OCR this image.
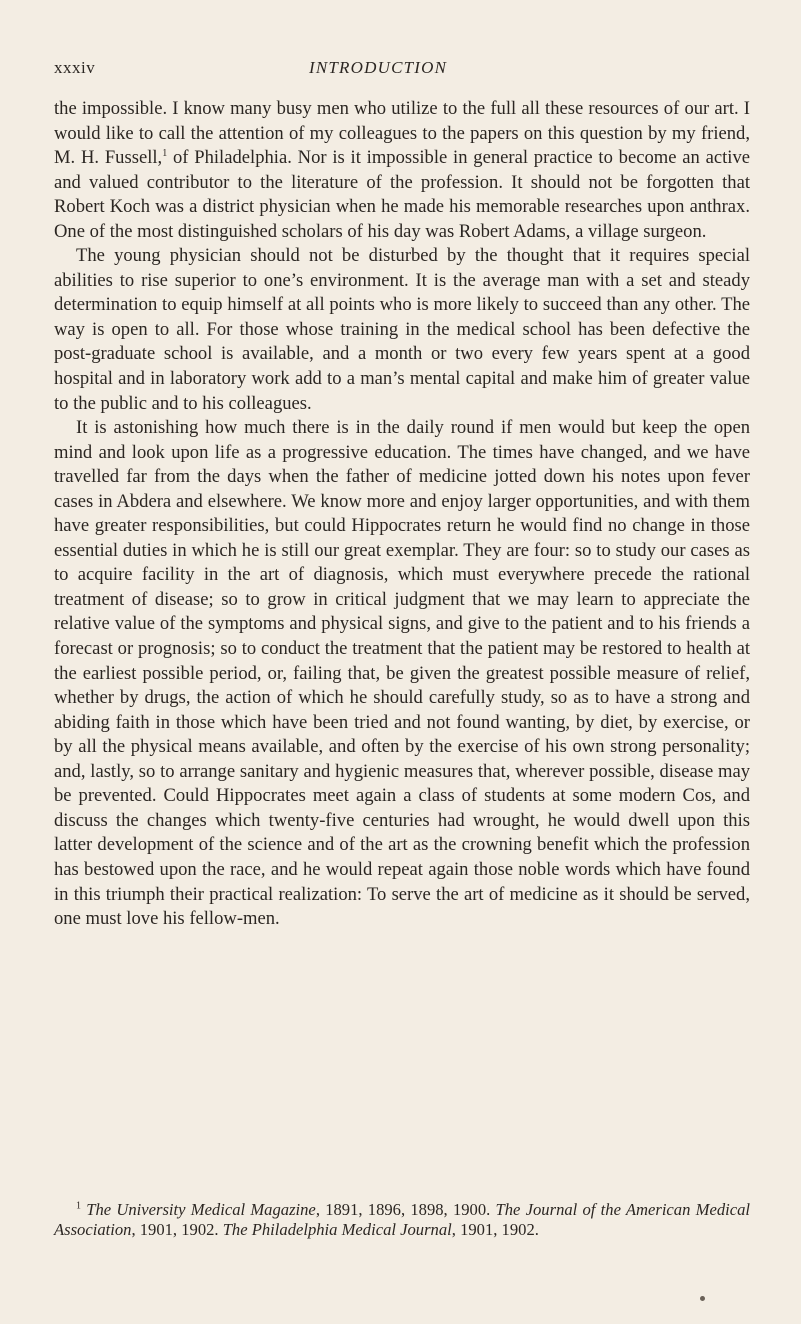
xxxiv	INTRODUCTION

the impossible. I know many busy men who utilize to the full all these resources of our art. I would like to call the attention of my colleagues to the papers on this question by my friend, M. H. Fussell,$^1$ of Philadelphia. Nor is it impossible in general practice to become an active and valued contributor to the literature of the profession. It should not be forgotten that Robert Koch was a district physician when he made his memorable researches upon anthrax. One of the most distinguished scholars of his day was Robert Adams, a village surgeon.

The young physician should not be disturbed by the thought that it requires special abilities to rise superior to one’s environment. It is the average man with a set and steady determination to equip himself at all points who is more likely to succeed than any other. The way is open to all. For those whose training in the medical school has been defective the post-graduate school is available, and a month or two every few years spent at a good hospital and in laboratory work add to a man’s mental capital and make him of greater value to the public and to his colleagues.

It is astonishing how much there is in the daily round if men would but keep the open mind and look upon life as a progressive education. The times have changed, and we have travelled far from the days when the father of medicine jotted down his notes upon fever cases in Abdera and elsewhere. We know more and enjoy larger opportunities, and with them have greater responsibilities, but could Hippocrates return he would find no change in those essential duties in which he is still our great exemplar. They are four: so to study our cases as to acquire facility in the art of diagnosis, which must everywhere precede the rational treatment of disease; so to grow in critical judgment that we may learn to appreciate the relative value of the symptoms and physical signs, and give to the patient and to his friends a forecast or prognosis; so to conduct the treatment that the patient may be restored to health at the earliest possible period, or, failing that, be given the greatest possible measure of relief, whether by drugs, the action of which he should carefully study, so as to have a strong and abiding faith in those which have been tried and not found wanting, by diet, by exercise, or by all the physical means available, and often by the exercise of his own strong personality; and, lastly, so to arrange sanitary and hygienic measures that, wherever possible, disease may be prevented. Could Hippocrates meet again a class of students at some modern Cos, and discuss the changes which twenty-five centuries had wrought, he would dwell upon this latter development of the science and of the art as the crowning benefit which the profession has bestowed upon the race, and he would repeat again those noble words which have found in this triumph their practical realization: To serve the art of medicine as it should be served, one must love his fellow-men.

$^1$ The University Medical Magazine, 1891, 1896, 1898, 1900. The Journal of the American Medical Association, 1901, 1902. The Philadelphia Medical Journal, 1901, 1902.
